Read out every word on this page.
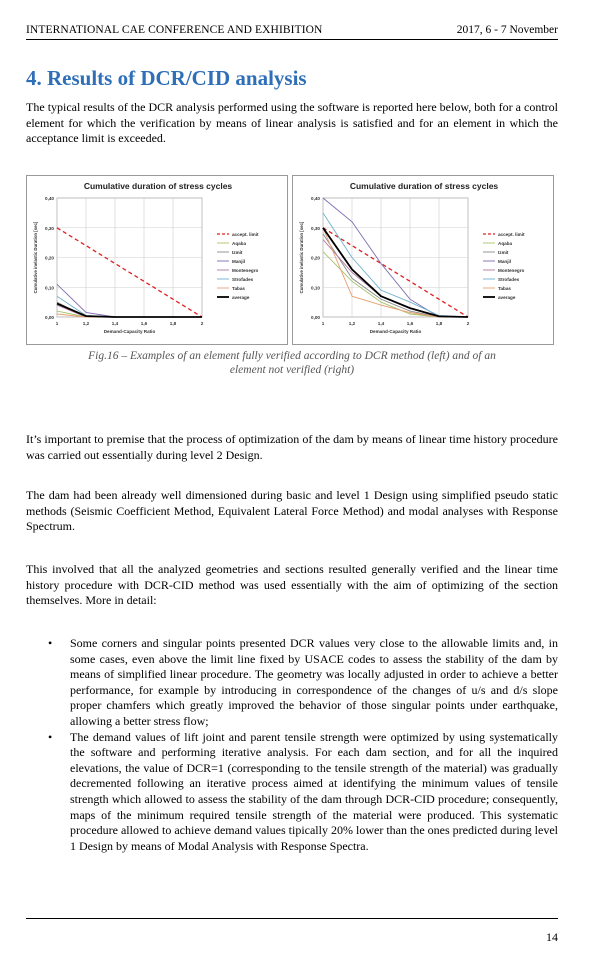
INTERNATIONAL CAE CONFERENCE AND EXHIBITION	2017, 6 - 7 November
4. Results of DCR/CID analysis

The typical results of the DCR analysis performed using the software is reported here below, both for a control element for which the verification by means of linear analysis is satisfied and for an element in which the acceptance limit is exceeded.

Cumulative duration of stress cycles
0,00
0,10
0,20
0,30
0,40
1	1,2	1,4	1,6	1,8	2
Demand-Capacity Ratio
Cumulative inelastic Duration [sec]	accept. limit
Aqaba
Izmit
Manjil
Montenegro
Strofades
Tabas
average
Cumulative duration of stress cycles
0,00
0,10
0,20
0,30
0,40
1	1,2	1,4	1,6	1,8	2
Demand-Capacity Ratio
Cumulative inelastic Duration [sec]	accept. limit
Aqaba
Izmit
Manjil
Montenegro
Strofades
Tabas
average

Fig.16 – Examples of an element fully verified according to DCR method (left) and of an
element not verified (right)

It’s important to premise that the process of optimization of the dam by means of linear time history procedure was carried out essentially during level 2 Design.

The dam had been already well dimensioned during basic and level 1 Design using simplified pseudo static methods (Seismic Coefficient Method, Equivalent Lateral Force Method) and modal analyses with Response Spectrum.

This involved that all the analyzed geometries and sections resulted generally verified and the linear time history procedure with DCR-CID method was used essentially with the aim of optimizing of the section themselves. More in detail:

• Some corners and singular points presented DCR values very close to the allowable limits and, in some cases, even above the limit line fixed by USACE codes to assess the stability of the dam by means of simplified linear procedure. The geometry was locally adjusted in order to achieve a better performance, for example by introducing in correspondence of the changes of u/s and d/s slope proper chamfers which greatly improved the behavior of those singular points under earthquake, allowing a better stress flow;
• The demand values of lift joint and parent tensile strength were optimized by using systematically the software and performing iterative analysis. For each dam section, and for all the inquired elevations, the value of DCR=1 (corresponding to the tensile strength of the material) was gradually decremented following an iterative process aimed at identifying the minimum values of tensile strength which allowed to assess the stability of the dam through DCR-CID procedure; consequently, maps of the minimum required tensile strength of the material were produced. This systematic procedure allowed to achieve demand values tipically 20% lower than the ones predicted during level 1 Design by means of Modal Analysis with Response Spectra.
14
